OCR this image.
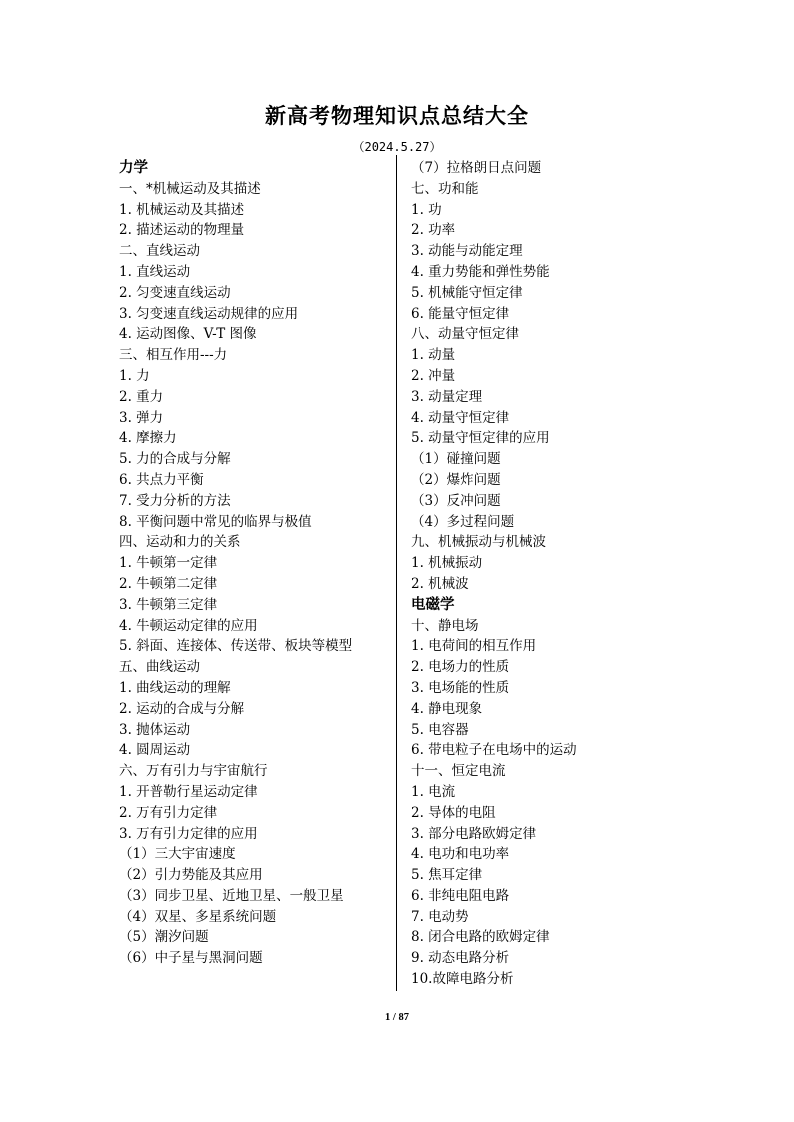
新高考物理知识点总结大全
（2024.5.27）
力学
一、*机械运动及其描述
1. 机械运动及其描述
2. 描述运动的物理量
二、直线运动
1. 直线运动
2. 匀变速直线运动
3. 匀变速直线运动规律的应用
4. 运动图像、V-T 图像
三、相互作用---力
1. 力
2. 重力
3. 弹力
4. 摩擦力
5. 力的合成与分解
6. 共点力平衡
7. 受力分析的方法
8. 平衡问题中常见的临界与极值
四、运动和力的关系
1. 牛顿第一定律
2. 牛顿第二定律
3. 牛顿第三定律
4. 牛顿运动定律的应用
5. 斜面、连接体、传送带、板块等模型
五、曲线运动
1. 曲线运动的理解
2. 运动的合成与分解
3. 抛体运动
4. 圆周运动
六、万有引力与宇宙航行
1. 开普勒行星运动定律
2. 万有引力定律
3. 万有引力定律的应用
（1）三大宇宙速度
（2）引力势能及其应用
（3）同步卫星、近地卫星、一般卫星
（4）双星、多星系统问题
（5）潮汐问题
（6）中子星与黑洞问题
（7）拉格朗日点问题
七、功和能
1. 功
2. 功率
3. 动能与动能定理
4. 重力势能和弹性势能
5. 机械能守恒定律
6. 能量守恒定律
八、动量守恒定律
1. 动量
2. 冲量
3. 动量定理
4. 动量守恒定律
5. 动量守恒定律的应用
（1）碰撞问题
（2）爆炸问题
（3）反冲问题
（4）多过程问题
九、机械振动与机械波
1. 机械振动
2. 机械波
电磁学
十、静电场
1. 电荷间的相互作用
2. 电场力的性质
3. 电场能的性质
4. 静电现象
5. 电容器
6. 带电粒子在电场中的运动
十一、恒定电流
1. 电流
2. 导体的电阻
3. 部分电路欧姆定律
4. 电功和电功率
5. 焦耳定律
6. 非纯电阻电路
7. 电动势
8. 闭合电路的欧姆定律
9. 动态电路分析
10.故障电路分析
1 / 87
